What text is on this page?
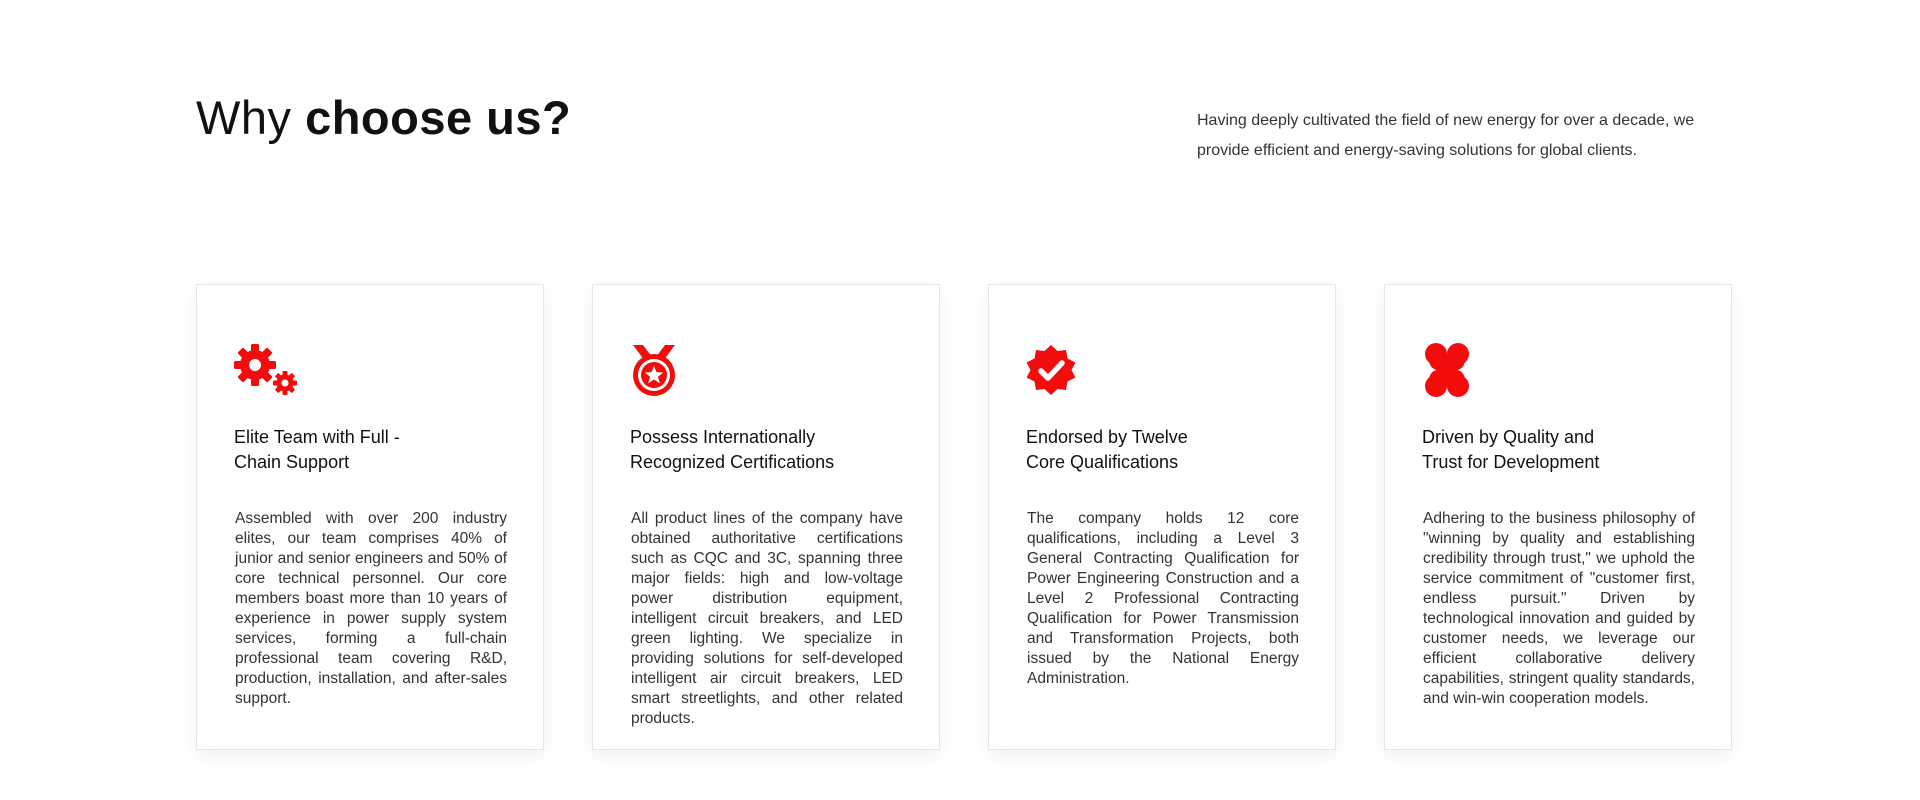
Why choose us?	Having deeply cultivated the field of new energy for over a decade, we provide efficient and energy-saving solutions for global clients.

Elite Team with Full -
Chain Support

Assembled with over 200 industry elites, our team comprises 40% of junior and senior engineers and 50% of core technical personnel. Our core members boast more than 10 years of experience in power supply system services, forming a full-chain professional team covering R&D, production, installation, and after-sales support.

Possess Internationally
Recognized Certifications

All product lines of the company have obtained authoritative certifications such as CQC and 3C, spanning three major fields: high and low-voltage power distribution equipment, intelligent circuit breakers, and LED green lighting. We specialize in providing solutions for self-developed intelligent air circuit breakers, LED smart streetlights, and other related products.

Endorsed by Twelve
Core Qualifications

The company holds 12 core qualifications, including a Level 3 General Contracting Qualification for Power Engineering Construction and a Level 2 Professional Contracting Qualification for Power Transmission and Transformation Projects, both issued by the National Energy Administration.

Driven by Quality and
Trust for Development

Adhering to the business philosophy of "winning by quality and establishing credibility through trust," we uphold the service commitment of "customer first, endless pursuit." Driven by technological innovation and guided by customer needs, we leverage our efficient collaborative delivery capabilities, stringent quality standards, and win-win cooperation models.
